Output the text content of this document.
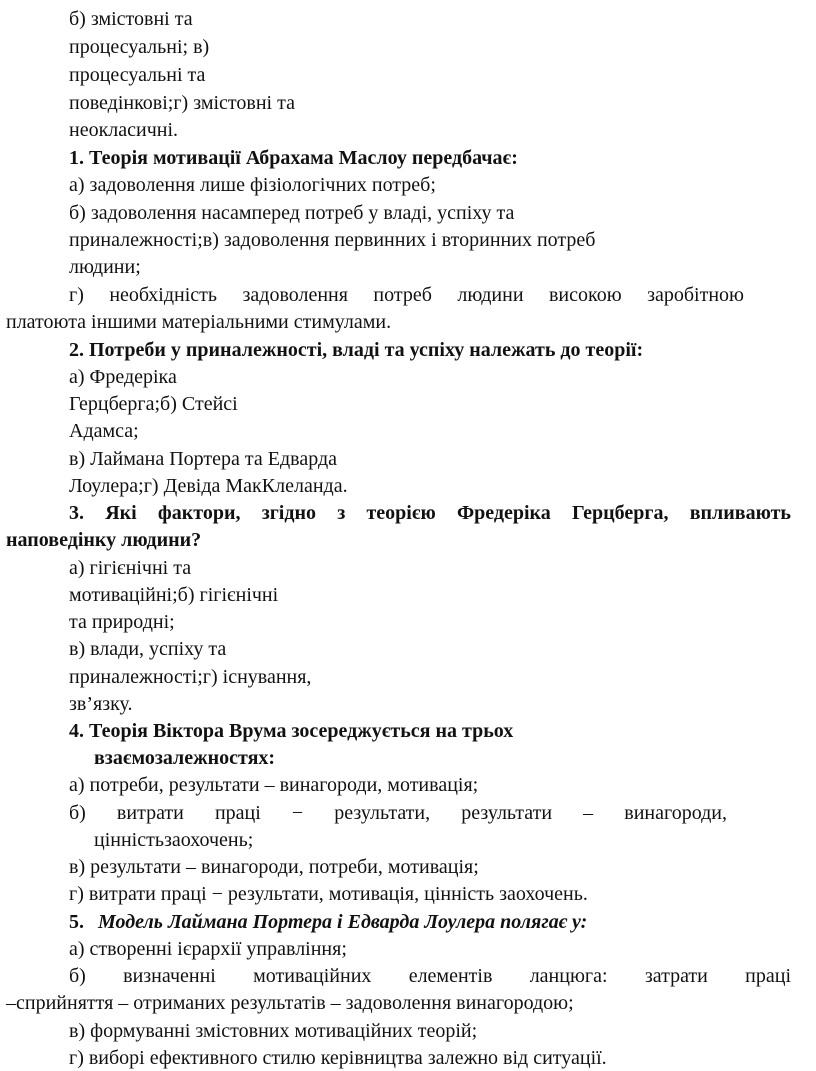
б) змістовні та

процесуальні; в)

процесуальні та

поведінкові;г) змістовні та

неокласичні.

1. Теорія мотивації Абрахама Маслоу передбачає:

а) задоволення лише фізіологічних потреб;

б) задоволення насамперед потреб у владі, успіху та

приналежності;в) задоволення первинних і вторинних потреб

людини;

г) необхідність задоволення потреб людини високою заробітною

платоюта іншими матеріальними стимулами.

2. Потреби у приналежності, владі та успіху належать до теорії:

а) Фредеріка

Герцберга;б) Стейсі

Адамса;

в) Лаймана Портера та Едварда

Лоулера;г) Девіда МакКлеланда.

3. Які фактори, згідно з теорією Фредеріка Герцберга, впливають

наповедінку людини?

а) гігієнічні та

мотиваційні;б) гігієнічні

та природні;

в) влади, успіху та

приналежності;г) існування,

зв’язку.

4. Теорія Віктора Врума зосереджується на трьох

взаємозалежностях:

а) потреби, результати – винагороди, мотивація;

б) витрати праці − результати, результати – винагороди,

цінністьзаохочень;

в) результати – винагороди, потреби, мотивація;

г) витрати праці − результати, мотивація, цінність заохочень.

5. Модель Лаймана Портера і Едварда Лоулера полягає у:

а) створенні ієрархії управління;

б) визначенні мотиваційних елементів ланцюга: затрати праці

–сприйняття – отриманих результатів – задоволення винагородою;

в) формуванні змістовних мотиваційних теорій;

г) виборі ефективного стилю керівництва залежно від ситуації.
